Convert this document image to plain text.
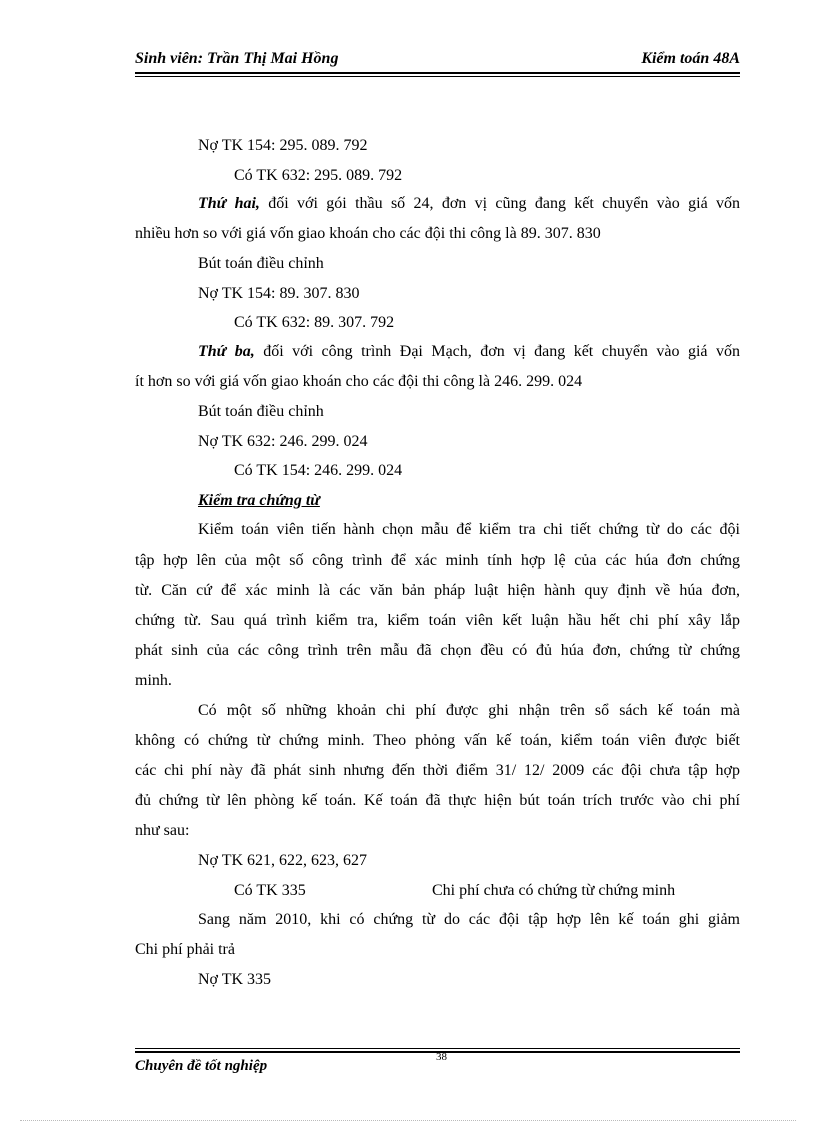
Sinh viên: Trần Thị Mai Hồng	Kiểm toán 48A
Nợ TK 154: 295. 089. 792
Có TK 632: 295. 089. 792
Thứ hai, đối với gói thầu số 24, đơn vị cũng đang kết chuyển vào giá vốn
nhiều hơn so với giá vốn giao khoán cho các đội thi công là 89. 307. 830
Bút toán điều chỉnh
Nợ TK 154: 89. 307. 830
Có TK 632: 89. 307. 792
Thứ ba, đối với công trình Đại Mạch, đơn vị đang kết chuyển vào giá vốn
ít hơn so với giá vốn giao khoán cho các đội thi công là 246. 299. 024
Bút toán điều chỉnh
Nợ TK 632: 246. 299. 024
Có TK 154: 246. 299. 024
Kiểm tra chứng từ
Kiểm toán viên tiến hành chọn mẫu để kiểm tra chi tiết chứng từ do các đội
tập hợp lên của một số công trình để xác minh tính hợp lệ của các húa đơn chứng
từ. Căn cứ để xác minh là các văn bản pháp luật hiện hành quy định về húa đơn,
chứng từ. Sau quá trình kiểm tra, kiểm toán viên kết luận hầu hết chi phí xây lắp
phát sinh của các công trình trên mẫu đã chọn đều có đủ húa đơn, chứng từ chứng
minh.
Có một số những khoản chi phí được ghi nhận trên sổ sách kế toán mà
không có chứng từ chứng minh. Theo phỏng vấn kế toán, kiểm toán viên được biết
các chi phí này đã phát sinh nhưng đến thời điểm 31/ 12/ 2009 các đội chưa tập hợp
đủ chứng từ lên phòng kế toán. Kế toán đã thực hiện bút toán trích trước vào chi phí
như sau:
Nợ TK 621, 622, 623, 627
Có TK 335	Chi phí chưa có chứng từ chứng minh
Sang năm 2010, khi có chứng từ do các đội tập hợp lên kế toán ghi giảm
Chi phí phải trả
Nợ TK 335
38
Chuyên đề tốt nghiệp
